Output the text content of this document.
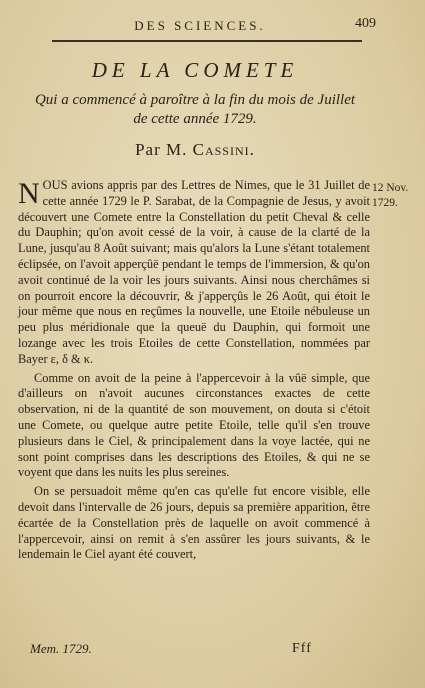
DES SCIENCES.	409
DE LA COMETE
Qui a commencé à paroître à la fin du mois de Juillet de cette année 1729.
Par M. Cassini.
12 Nov.
1729.

NOUS avions appris par des Lettres de Nimes, que le 31 Juillet de cette année 1729 le P. Sarabat, de la Compagnie de Jesus, y avoit découvert une Comete entre la Constellation du petit Cheval & celle du Dauphin; qu'on avoit cessé de la voir, à cause de la clarté de la Lune, jusqu'au 8 Août suivant; mais qu'alors la Lune s'étant totalement éclipsée, on l'avoit apperçûë pendant le temps de l'immersion, & qu'on avoit continué de la voir les jours suivants. Ainsi nous cherchâmes si on pourroit encore la découvrir, & j'apperçûs le 26 Août, qui étoit le jour même que nous en reçûmes la nouvelle, une Etoile nébuleuse un peu plus méridionale que la queuë du Dauphin, qui formoit une lozange avec les trois Etoiles de cette Constellation, nommées par Bayer ε, δ & κ.

Comme on avoit de la peine à l'appercevoir à la vûë simple, que d'ailleurs on n'avoit aucunes circonstances exactes de cette observation, ni de la quantité de son mouvement, on douta si c'étoit une Comete, ou quelque autre petite Etoile, telle qu'il s'en trouve plusieurs dans le Ciel, & principalement dans la voye lactée, qui ne sont point comprises dans les descriptions des Etoiles, & qui ne se voyent que dans les nuits les plus sereines.

On se persuadoit même qu'en cas qu'elle fut encore visible, elle devoit dans l'intervalle de 26 jours, depuis sa première apparition, être écartée de la Constellation près de laquelle on avoit commencé à l'appercevoir, ainsi on remit à s'en assûrer les jours suivants, & le lendemain le Ciel ayant été couvert,

Mem. 1729.	Fff
